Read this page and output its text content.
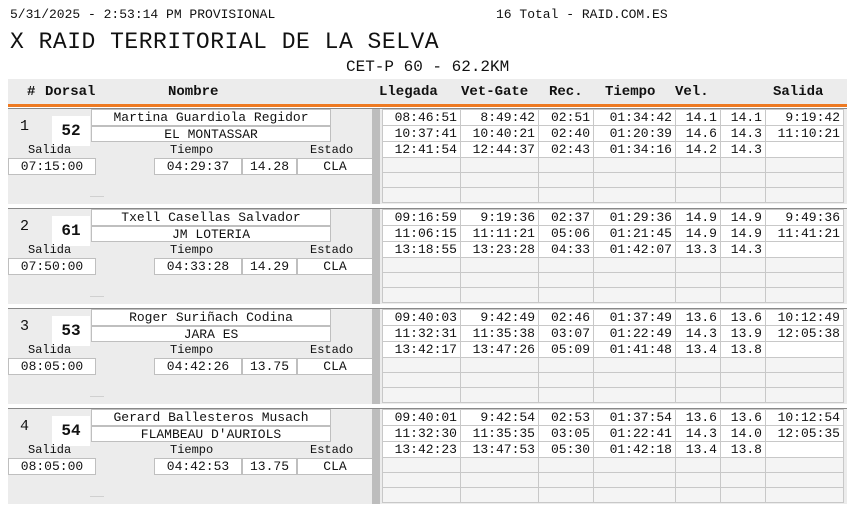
5/31/2025 - 2:53:14 PM PROVISIONAL	16 Total - RAID.COM.ES
X RAID TERRITORIAL DE LA SELVA
CET-P 60 - 62.2KM
# Dorsal	Nombre	Llegada Vet-Gate Rec. Tiempo Vel.	Salida
1	52
Martina Guardiola Regidor
EL MONTASSAR
Salida	Tiempo	Estado
07:15:00	04:29:37	14.28	CLA
08:46:51	8:49:42	02:51	01:34:42	14.1	14.1	9:19:42
10:37:41	10:40:21	02:40	01:20:39	14.6	14.3	11:10:21
12:41:54	12:44:37	02:43	01:34:16	14.2	14.3	

2	61
Txell Casellas Salvador
JM LOTERIA
Salida	Tiempo	Estado
07:50:00	04:33:28	14.29	CLA
09:16:59	9:19:36	02:37	01:29:36	14.9	14.9	9:49:36
11:06:15	11:11:21	05:06	01:21:45	14.9	14.9	11:41:21
13:18:55	13:23:28	04:33	01:42:07	13.3	14.3	

3	53
Roger Suriñach Codina
JARA ES
Salida	Tiempo	Estado
08:05:00	04:42:26	13.75	CLA
09:40:03	9:42:49	02:46	01:37:49	13.6	13.6	10:12:49
11:32:31	11:35:38	03:07	01:22:49	14.3	13.9	12:05:38
13:42:17	13:47:26	05:09	01:41:48	13.4	13.8	

4	54
Gerard Ballesteros Musach
FLAMBEAU D'AURIOLS
Salida	Tiempo	Estado
08:05:00	04:42:53	13.75	CLA
09:40:01	9:42:54	02:53	01:37:54	13.6	13.6	10:12:54
11:32:30	11:35:35	03:05	01:22:41	14.3	14.0	12:05:35
13:42:23	13:47:53	05:30	01:42:18	13.4	13.8	
